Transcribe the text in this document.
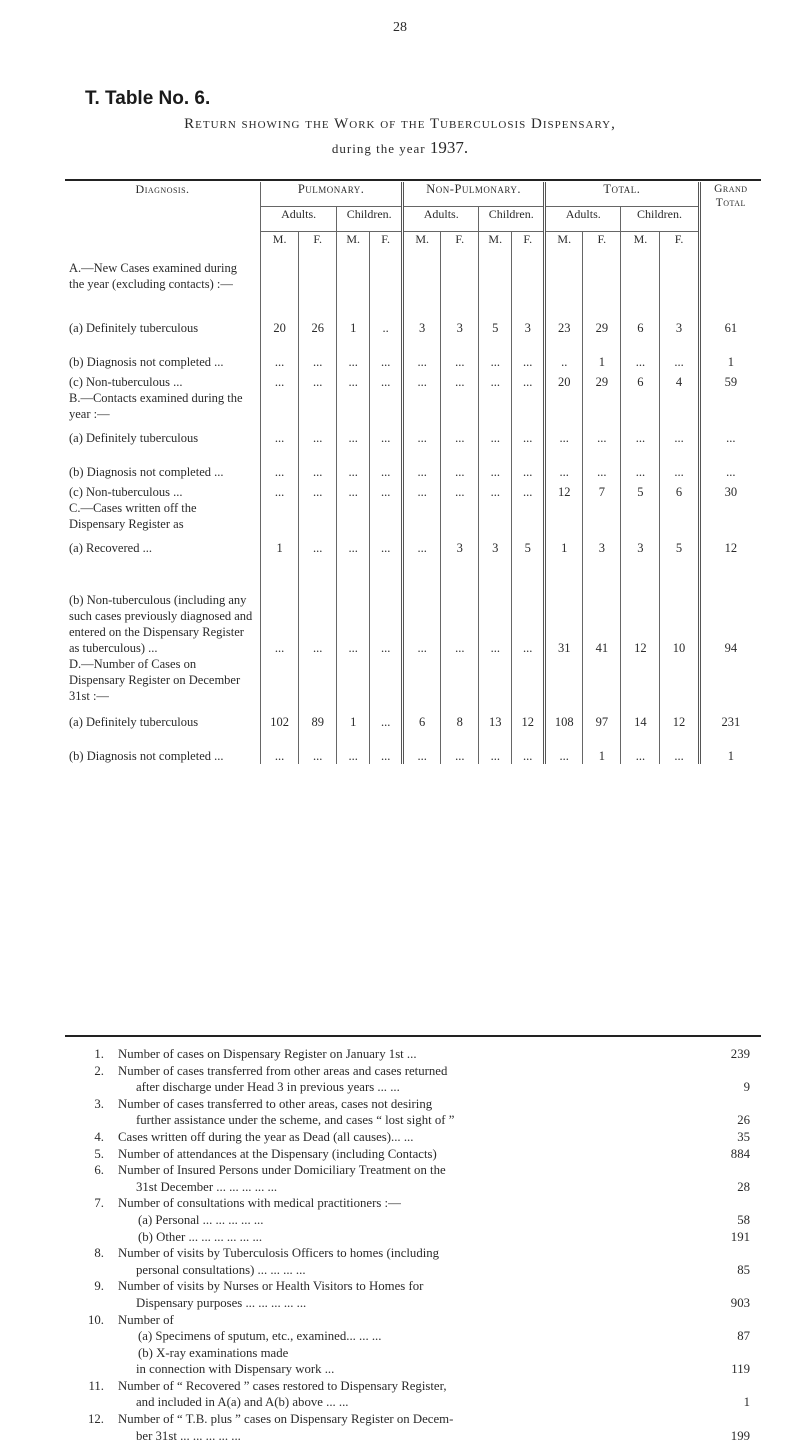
28
T. Table No. 6.
Return showing the Work of the Tuberculosis Dispensary,
during the year 1937.
Diagnosis.	Pulmonary.				Non-Pulmonary.				Total.				Grand Total
	Adults.		Children.		Adults.		Children.		Adults.		Children.		
	M.	F.	M.	F.	M.	F.	M.	F.	M.	F.	M.	F.	
A.—New Cases examined during the year (excluding contacts) :—													
(a) Definitely tuberculous	20	26	1	..	3	3	5	3	23	29	6	3	61
(b) Diagnosis not completed ...	...	...	...	...	...	...	...	...	..	1	...	...	1
(c) Non-tuberculous ...	...	...	...	...	...	...	...	...	20	29	6	4	59
B.—Contacts examined during the year :—													
(a) Definitely tuberculous	...	...	...	...	...	...	...	...	...	...	...	...	...
(b) Diagnosis not completed ...	...	...	...	...	...	...	...	...	...	...	...	...	...
(c) Non-tuberculous ...	...	...	...	...	...	...	...	...	12	7	5	6	30
C.—Cases written off the Dispensary Register as													
(a) Recovered ...	1	...	...	...	...	3	3	5	1	3	3	5	12
(b) Non-tuberculous (including any such cases previously diagnosed and entered on the Dispensary Register as tuberculous) ...	...	...	...	...	...	...	...	...	31	41	12	10	94
D.—Number of Cases on Dispensary Register on December 31st :—													
(a) Definitely tuberculous	102	89	1	...	6	8	13	12	108	97	14	12	231
(b) Diagnosis not completed ...	...	...	...	...	...	...	...	...	...	1	...	...	1
1. Number of cases on Dispensary Register on January 1st ...	239
2. Number of cases transferred from other areas and cases returned
after discharge under Head 3 in previous years ... ...	9
3. Number of cases transferred to other areas, cases not desiring
further assistance under the scheme, and cases “ lost sight of ”	26
4. Cases written off during the year as Dead (all causes)... ...	35
5. Number of attendances at the Dispensary (including Contacts)	884
6. Number of Insured Persons under Domiciliary Treatment on the
31st December ... ... ... ... ...	28
7. Number of consultations with medical practitioners :—
(a) Personal ... ... ... ... ...	58
(b) Other ... ... ... ... ... ...	191
8. Number of visits by Tuberculosis Officers to homes (including
personal consultations) ... ... ... ...	85
9. Number of visits by Nurses or Health Visitors to Homes for
Dispensary purposes ... ... ... ... ...	903
10. Number of
(a) Specimens of sputum, etc., examined... ... ...	87
(b) X-ray examinations made
in connection with Dispensary work ...	119
11. Number of “ Recovered ” cases restored to Dispensary Register,
and included in A(a) and A(b) above ... ...	1
12. Number of “ T.B. plus ” cases on Dispensary Register on Decem-
ber 31st ... ... ... ... ...	199
